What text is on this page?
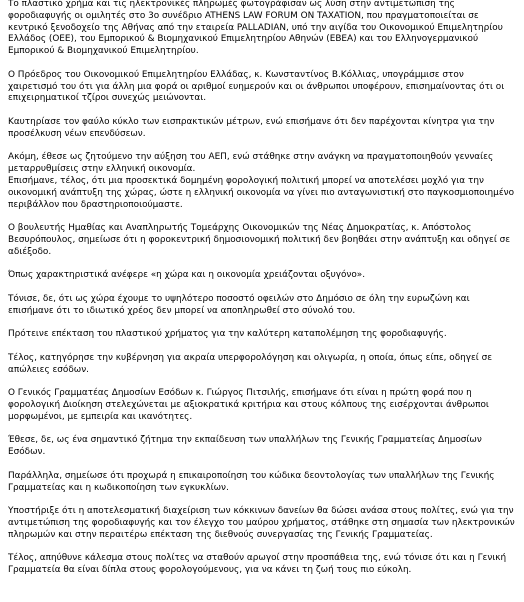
Το πλαστικό χρήμα και τις ηλεκτρονικές πληρωμές φωτογράφισαν ως λύση στην αντιμετώπιση της φοροδιαφυγής οι ομιλητές στο 3ο συνέδριο ATHENS LAW FORUM ON TAXATION, που πραγματοποιείται σε κεντρικό ξενοδοχείο της Αθήνας από την εταιρεία PALLADIAN, υπό την αιγίδα του Οικονομικού Επιμελητηρίου Ελλάδος (ΟΕΕ), του Εμπορικού & Βιομηχανικού Επιμελητηρίου Αθηνών (ΕΒΕΑ) και του Ελληνογερμανικού Εμπορικού & Βιομηχανικού Επιμελητηρίου.

Ο Πρόεδρος του Οικονομικού Επιμελητηρίου Ελλάδας, κ. Κωνσταντίνος Β.Κόλλιας, υπογράμμισε στον χαιρετισμό του ότι για άλλη μια φορά οι αριθμοί ευημερούν και οι άνθρωποι υποφέρουν, επισημαίνοντας ότι οι επιχειρηματικοί τζίροι συνεχώς μειώνονται.

Καυτηρίασε τον φαύλο κύκλο των εισπρακτικών μέτρων, ενώ επισήμανε ότι δεν παρέχονται κίνητρα για την προσέλκυση νέων επενδύσεων.

Ακόμη, έθεσε ως ζητούμενο την αύξηση του ΑΕΠ, ενώ στάθηκε στην ανάγκη να πραγματοποιηθούν γενναίες μεταρρυθμίσεις στην ελληνική οικονομία.
Επισήμανε, τέλος, ότι μια προσεκτικά δομημένη φορολογική πολιτική μπορεί να αποτελέσει μοχλό για την οικονομική ανάπτυξη της χώρας, ώστε η ελληνική οικονομία να γίνει πιο ανταγωνιστική στο παγκοσμιοποιημένο περιβάλλον που δραστηριοποιούμαστε.

Ο βουλευτής Ημαθίας και Αναπληρωτής Τομεάρχης Οικονομικών της Νέας Δημοκρατίας, κ. Απόστολος Βεσυρόπουλος, σημείωσε ότι η φοροκεντρική δημοσιονομική πολιτική δεν βοηθάει στην ανάπτυξη και οδηγεί σε αδιέξοδο.

Όπως χαρακτηριστικά ανέφερε «η χώρα και η οικονομία χρειάζονται οξυγόνο».

Τόνισε, δε, ότι ως χώρα έχουμε το υψηλότερο ποσοστό οφειλών στο Δημόσιο σε όλη την ευρωζώνη και επισήμανε ότι το ιδιωτικό χρέος δεν μπορεί να αποπληρωθεί στο σύνολό του.

Πρότεινε επέκταση του πλαστικού χρήματος για την καλύτερη καταπολέμηση της φοροδιαφυγής.

Τέλος, κατηγόρησε την κυβέρνηση για ακραία υπερφορολόγηση και ολιγωρία, η οποία, όπως είπε, οδηγεί σε απώλειες εσόδων.

Ο Γενικός Γραμματέας Δημοσίων Εσόδων κ. Γιώργος Πιτσιλής, επισήμανε ότι είναι η πρώτη φορά που η φορολογική Διοίκηση στελεχώνεται με αξιοκρατικά κριτήρια και στους κόλπους της εισέρχονται άνθρωποι μορφωμένοι, με εμπειρία και ικανότητες.

Έθεσε, δε, ως ένα σημαντικό ζήτημα την εκπαίδευση των υπαλλήλων της Γενικής Γραμματείας Δημοσίων Εσόδων.

Παράλληλα, σημείωσε ότι προχωρά η επικαιροποίηση του κώδικα δεοντολογίας των υπαλλήλων της Γενικής Γραμματείας και η κωδικοποίηση των εγκυκλίων.

Υποστήριξε ότι η αποτελεσματική διαχείριση των κόκκινων δανείων θα δώσει ανάσα στους πολίτες, ενώ για την αντιμετώπιση της φοροδιαφυγής και τον έλεγχο του μαύρου χρήματος, στάθηκε στη σημασία των ηλεκτρονικών πληρωμών και στην περαιτέρω επέκταση της διεθνούς συνεργασίας της Γενικής Γραμματείας.

Τέλος, απηύθυνε κάλεσμα στους πολίτες να σταθούν αρωγοί στην προσπάθεια της, ενώ τόνισε ότι και η Γενική Γραμματεία θα είναι δίπλα στους φορολογούμενους, για να κάνει τη ζωή τους πιο εύκολη.
